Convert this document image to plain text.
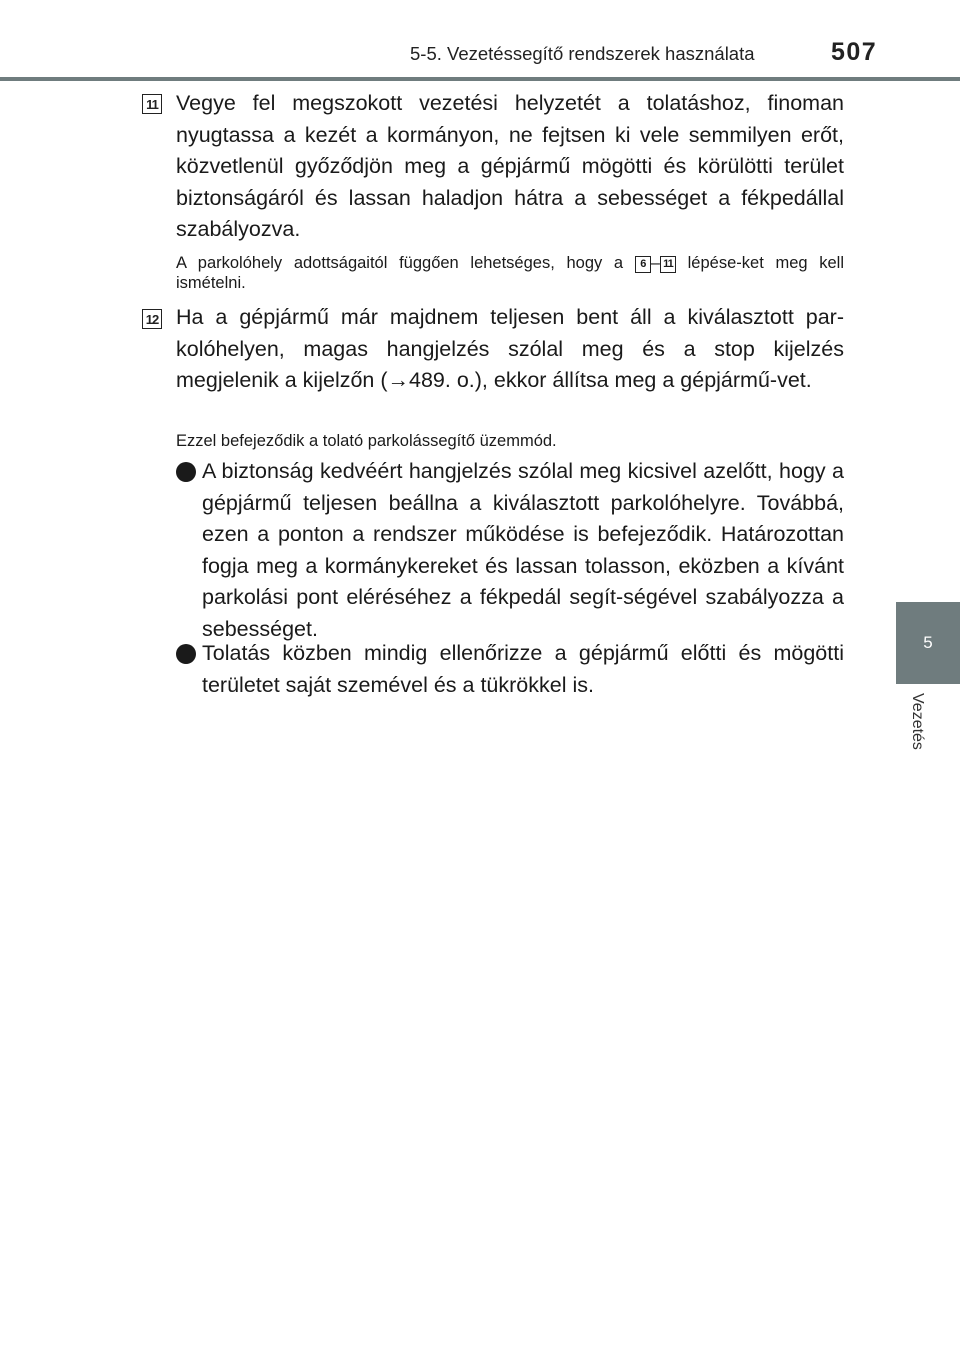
5-5. Vezetéssegítő rendszerek használata	507
5
Vezetés
11 Vegye fel megszokott vezetési helyzetét a tolatáshoz, finoman nyugtassa a kezét a kormányon, ne fejtsen ki vele semmilyen erőt, közvetlenül győződjön meg a gépjármű mögötti és körülötti terület biztonságáról és lassan haladjon hátra a sebességet a fékpedállal szabályozva.
A parkolóhely adottságaitól függően lehetséges, hogy a 6 – 11 lépése-ket meg kell ismételni.
12 Ha a gépjármű már majdnem teljesen bent áll a kiválasztott par-kolóhelyen, magas hangjelzés szólal meg és a stop kijelzés megjelenik a kijelzőn (→489. o.), ekkor állítsa meg a gépjármű-vet.
Ezzel befejeződik a tolató parkolássegítő üzemmód.
A biztonság kedvéért hangjelzés szólal meg kicsivel azelőtt, hogy a gépjármű teljesen beállna a kiválasztott parkolóhelyre. Továbbá, ezen a ponton a rendszer működése is befejeződik. Határozottan fogja meg a kormánykereket és lassan tolasson, eközben a kívánt parkolási pont eléréséhez a fékpedál segít-ségével szabályozza a sebességet.
Tolatás közben mindig ellenőrizze a gépjármű előtti és mögötti területet saját szemével és a tükrökkel is.
